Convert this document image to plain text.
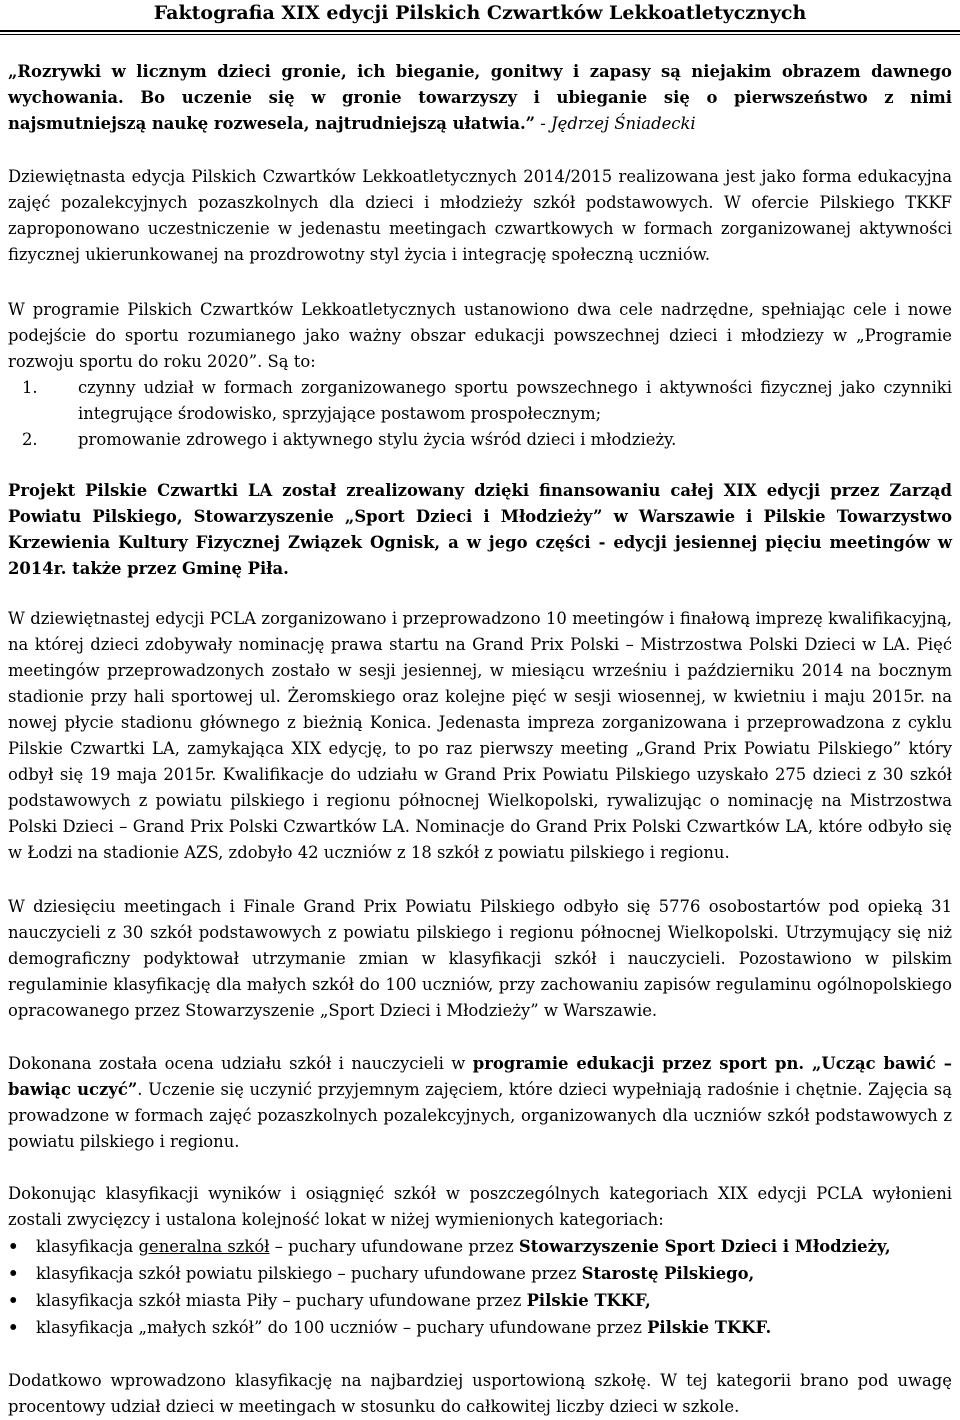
Faktografia XIX edycji Pilskich Czwartków Lekkoatletycznych

„Rozrywki w licznym dzieci gronie, ich bieganie, gonitwy i zapasy są niejakim obrazem dawnego wychowania. Bo uczenie się w gronie towarzyszy i ubieganie się o pierwszeństwo z nimi najsmutniejszą naukę rozwesela, najtrudniejszą ułatwia.” - Jędrzej Śniadecki

Dziewiętnasta edycja Pilskich Czwartków Lekkoatletycznych 2014/2015 realizowana jest jako forma edukacyjna zajęć pozalekcyjnych pozaszkolnych dla dzieci i młodzieży szkół podstawowych. W ofercie Pilskiego TKKF zaproponowano uczestniczenie w jedenastu meetingach czwartkowych w formach zorganizowanej aktywności fizycznej ukierunkowanej na prozdrowotny styl życia i integrację społeczną uczniów.

W programie Pilskich Czwartków Lekkoatletycznych ustanowiono dwa cele nadrzędne, spełniając cele i nowe podejście do sportu rozumianego jako ważny obszar edukacji powszechnej dzieci i młodziezy w „Programie rozwoju sportu do roku 2020”. Są to:

1. czynny udział w formach zorganizowanego sportu powszechnego i aktywności fizycznej jako czynniki integrujące środowisko, sprzyjające postawom prospołecznym;
2. promowanie zdrowego i aktywnego stylu życia wśród dzieci i młodzieży.

Projekt Pilskie Czwartki LA został zrealizowany dzięki finansowaniu całej XIX edycji przez Zarząd Powiatu Pilskiego, Stowarzyszenie „Sport Dzieci i Młodzieży” w Warszawie i Pilskie Towarzystwo Krzewienia Kultury Fizycznej Związek Ognisk, a w jego części - edycji jesiennej pięciu meetingów w 2014r. także przez Gminę Piła.

W dziewiętnastej edycji PCLA zorganizowano i przeprowadzono 10 meetingów i finałową imprezę kwalifikacyjną, na której dzieci zdobywały nominację prawa startu na Grand Prix Polski – Mistrzostwa Polski Dzieci w LA. Pięć meetingów przeprowadzonych zostało w sesji jesiennej, w miesiącu wrześniu i październiku 2014 na bocznym stadionie przy hali sportowej ul. Żeromskiego oraz kolejne pięć w sesji wiosennej, w kwietniu i maju 2015r. na nowej płycie stadionu głównego z bieżnią Konica. Jedenasta impreza zorganizowana i przeprowadzona z cyklu Pilskie Czwartki LA, zamykająca XIX edycję, to po raz pierwszy meeting „Grand Prix Powiatu Pilskiego” który odbył się 19 maja 2015r. Kwalifikacje do udziału w Grand Prix Powiatu Pilskiego uzyskało 275 dzieci z 30 szkół podstawowych z powiatu pilskiego i regionu północnej Wielkopolski, rywalizując o nominację na Mistrzostwa Polski Dzieci – Grand Prix Polski Czwartków LA. Nominacje do Grand Prix Polski Czwartków LA, które odbyło się w Łodzi na stadionie AZS, zdobyło 42 uczniów z 18 szkół z powiatu pilskiego i regionu.

W dziesięciu meetingach i Finale Grand Prix Powiatu Pilskiego odbyło się 5776 osobostartów pod opieką 31 nauczycieli z 30 szkół podstawowych z powiatu pilskiego i regionu północnej Wielkopolski. Utrzymujący się niż demograficzny podyktował utrzymanie zmian w klasyfikacji szkół i nauczycieli. Pozostawiono w pilskim regulaminie klasyfikację dla małych szkół do 100 uczniów, przy zachowaniu zapisów regulaminu ogólnopolskiego opracowanego przez Stowarzyszenie „Sport Dzieci i Młodzieży” w Warszawie.

Dokonana została ocena udziału szkół i nauczycieli w programie edukacji przez sport pn. „Ucząc bawić – bawiąc uczyć”. Uczenie się uczynić przyjemnym zajęciem, które dzieci wypełniają radośnie i chętnie. Zajęcia są prowadzone w formach zajęć pozaszkolnych pozalekcyjnych, organizowanych dla uczniów szkół podstawowych z powiatu pilskiego i regionu.

Dokonując klasyfikacji wyników i osiągnięć szkół w poszczególnych kategoriach XIX edycji PCLA wyłonieni zostali zwycięzcy i ustalona kolejność lokat w niżej wymienionych kategoriach:

• klasyfikacja generalna szkół – puchary ufundowane przez Stowarzyszenie Sport Dzieci i Młodzieży,
• klasyfikacja szkół powiatu pilskiego – puchary ufundowane przez Starostę Pilskiego,
• klasyfikacja szkół miasta Piły – puchary ufundowane przez Pilskie TKKF,
• klasyfikacja „małych szkół” do 100 uczniów – puchary ufundowane przez Pilskie TKKF.

Dodatkowo wprowadzono klasyfikację na najbardziej usportowioną szkołę. W tej kategorii brano pod uwagę procentowy udział dzieci w meetingach w stosunku do całkowitej liczby dzieci w szkole.
